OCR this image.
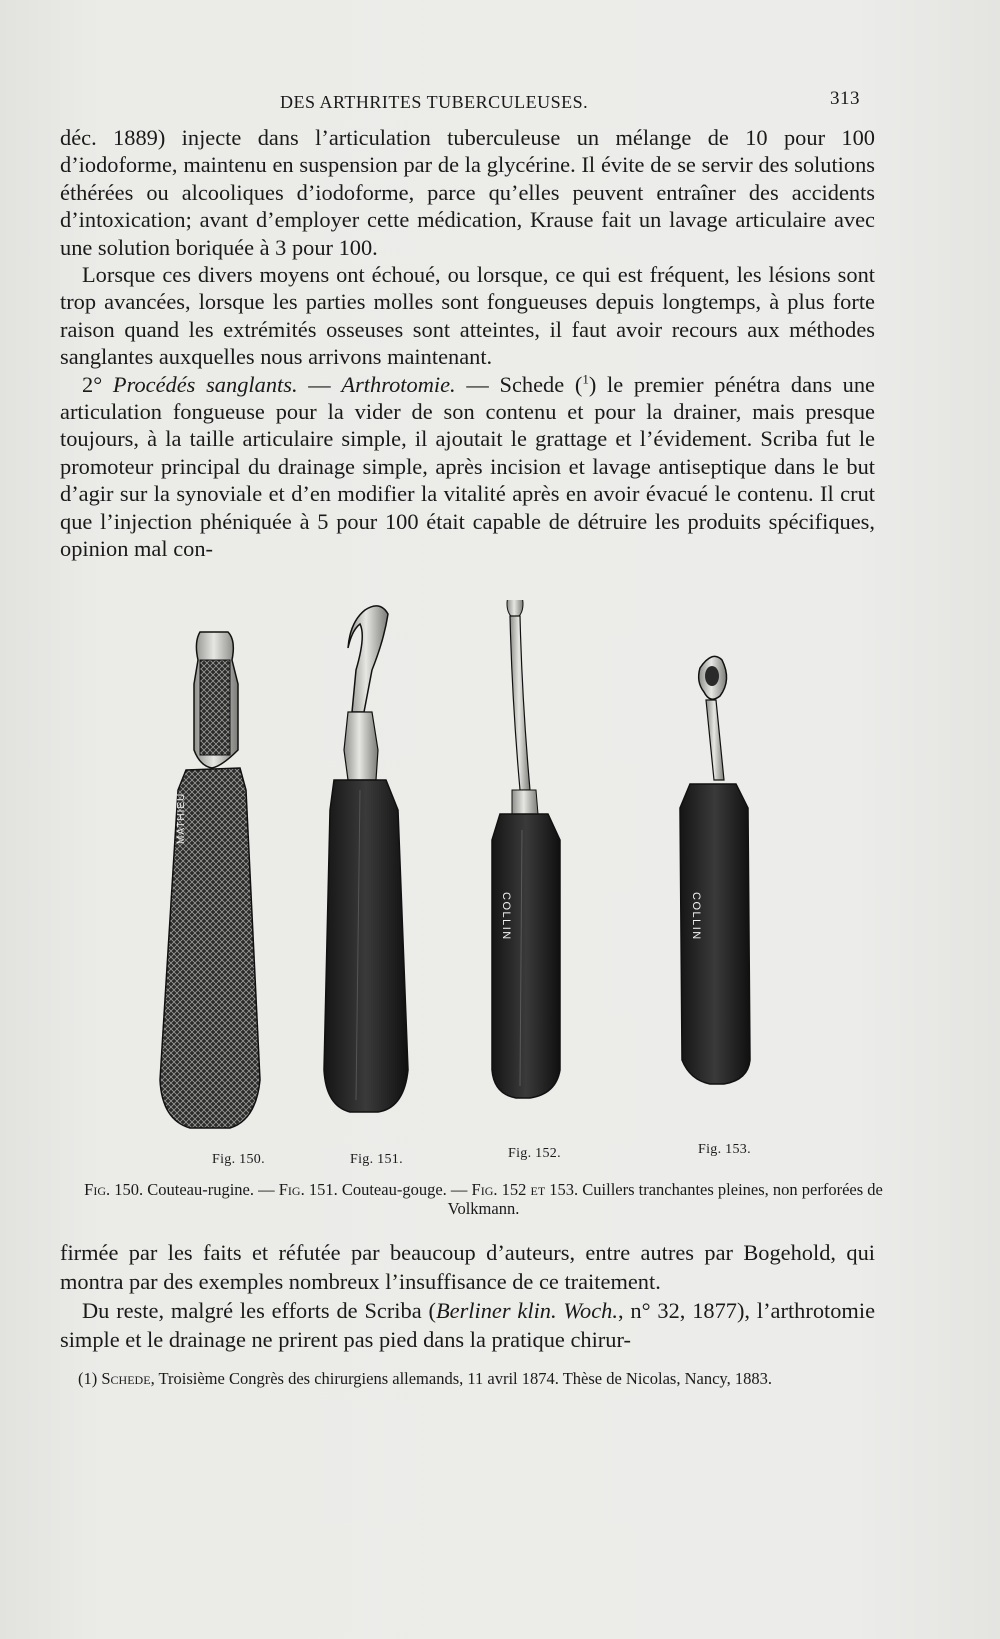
DES ARTHRITES TUBERCULEUSES.	313

déc. 1889) injecte dans l’articulation tuberculeuse un mélange de 10 pour 100 d’iodoforme, maintenu en suspension par de la glycérine. Il évite de se servir des solutions éthérées ou alcooliques d’iodoforme, parce qu’elles peuvent entraîner des accidents d’intoxication; avant d’employer cette médication, Krause fait un lavage articulaire avec une solution boriquée à 3 pour 100.

Lorsque ces divers moyens ont échoué, ou lorsque, ce qui est fréquent, les lésions sont trop avancées, lorsque les parties molles sont fongueuses depuis longtemps, à plus forte raison quand les extrémités osseuses sont atteintes, il faut avoir recours aux méthodes sanglantes auxquelles nous arrivons maintenant.

2° Procédés sanglants. — Arthrotomie. — Schede ($^1$) le premier pénétra dans une articulation fongueuse pour la vider de son contenu et pour la drainer, mais presque toujours, à la taille articulaire simple, il ajoutait le grattage et l’évidement. Scriba fut le promoteur principal du drainage simple, après incision et lavage antiseptique dans le but d’agir sur la synoviale et d’en modifier la vitalité après en avoir évacué le contenu. Il crut que l’injection phéniquée à 5 pour 100 était capable de détruire les produits spécifiques, opinion mal con-

MATHIEU
COLLIN	COLLIN
Fig. 150.	Fig. 151.	Fig. 152.	Fig. 153.
Fig. 150. Couteau-rugine. — Fig. 151. Couteau-gouge. — Fig. 152 et 153. Cuillers tranchantes pleines, non perforées de Volkmann.

firmée par les faits et réfutée par beaucoup d’auteurs, entre autres par Bogehold, qui montra par des exemples nombreux l’insuffisance de ce traitement.

Du reste, malgré les efforts de Scriba (Berliner klin. Woch., n° 32, 1877), l’arthrotomie simple et le drainage ne prirent pas pied dans la pratique chirur-

(1) Schede, Troisième Congrès des chirurgiens allemands, 11 avril 1874. Thèse de Nicolas, Nancy, 1883.
